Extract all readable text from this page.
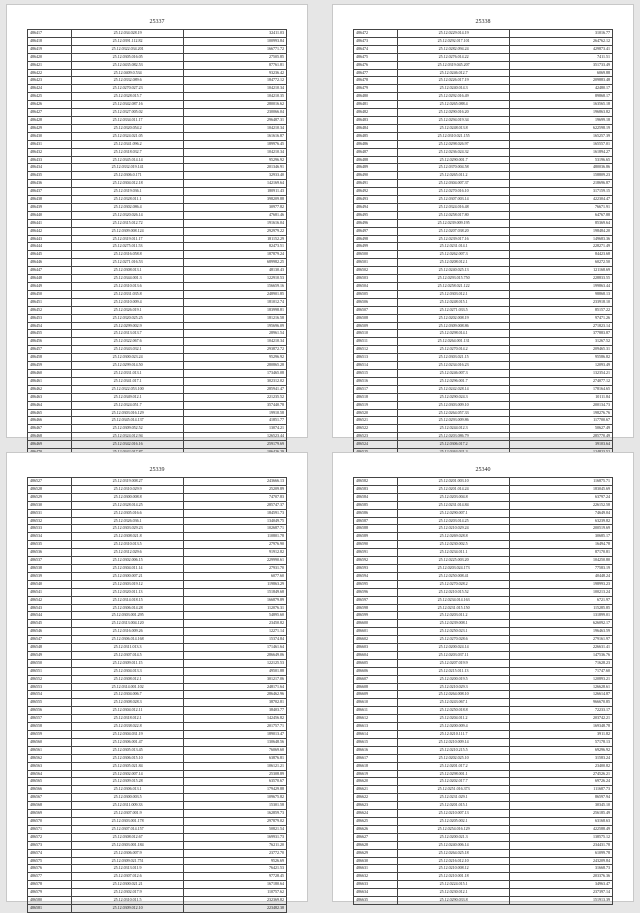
25337
486417	25.12.034.028.19	32411.03
486418	25.12.0391.112.82	100993.84
486419	25.12.0322.034.201	166771.72
486420	25.12.0305.016.05	27505.85
486421	25.12.0435.082.53	87761.81
486422	25.12.0409.0.534	93236.42
486423	25.12.0332.089.6	184772.12
486424	25.12.0270.027.23	104210.34
486425	25.12.0328.015.7	104210.35
486426	25.12.0342.087.16	280016.62
486427	25.12.0327.005.02	230066.04
486428	25.12.0334.011.17	296487.31
486429	25.12.0320.054.2	104210.34
486430	25.12.0324.021.05	161616.87
486431	25.12.0341.096.2	189976.45
486432	25.12.0318.032.7	104210.34
486433	25.12.0345.014.14	95296.92
486434	25.12.0332.019.141	201346.91
486435	25.12.0306.0.171	32933.40
486436	25.12.0304.012.18	142169.64
486437	25.12.0319.036.1	180911.43
486438	25.12.0328.011.1	398209.88
486439	25.12.0302.086.4	30977.82
486440	25.12.0320.026.14	47681.46
486441	25.12.0315.012.72	191616.04
486442	25.12.0309.008.124	292979.22
486443	25.12.0319.011.17	181152.29
486444	25.12.0275.011.53	82473.51
486445	25.12.0316.058.8	187879.24
486446	25.12.0271.016.53	689982.25
486447	25.12.0308.013.1	48130.43
486448	25.12.0344.001.3	122910.53
486449	25.12.0310.013.6	156659.16
486450	25.12.0331.035.8	248901.85
486451	25.12.0310.009.4	181012.74
486452	25.12.0326.019.1	183998.81
486453	25.12.0320.025.25	181216.58
486454	25.12.0299.002.9	195696.09
486455	25.12.0313.013.7	28961.54
486456	25.12.0322.067.6	104210.34
486457	25.12.0343.032.1	293872.72
486458	25.12.0300.023.24	95296.92
486459	25.12.0299.014.50	280865.28
486460	25.12.0331.013.1	173465.08
486461	25.12.0341.017.1	302312.02
486462	25.12.0322.053.100	285941.47
486463	25.12.0349.012.1	221235.52
486464	25.12.0324.051.7	357440.78
486465	25.12.0303.016.129	19910.58
486466	25.12.0345.014.137	41851.77
486467	25.12.0309.052.52	13074.21
486468	25.12.0324.012.94	126523.44
486469	25.12.0342.016.16	259179.69

25338
486472	25.12.0229.014.19	31016.77
486473	25.12.0292.017.101	264762.12
486474	25.12.0282.094.24	429873.41
486475	25.12.0276.014.22	7411.51
486476	25.12.0319.045.207	351733.49
486477	25.12.0246.012.7	6069.88
486478	25.12.0226.017.19	209883.48
486479	25.12.0240.014.3	42480.17
486480	25.12.0292.016.49	89868.17
486481	25.12.0265.088.4	163565.18
486482	25.12.0290.016.20	196863.82
486483	25.12.0294.019.34	19699.18
486484	25.12.0248.013.8	622598.19
486485	25.12.0310.021.155	165257.39
486486	25.12.0298.026.97	165557.01
486487	25.12.0236.024.32	161894.27
486488	25.12.0290.001.7	53196.65
486489	25.12.0370.004.58	480036.86
486490	25.12.0265.011.2	158809.23
486491	25.12.0304.007.37	218696.87
486492	25.12.0270.016.10	317159.15
486493	25.12.0307.003.14	422304.47
486494	25.12.0324.016.48	76671.91
486495	25.12.0258.017.80	64767.88
486496	25.12.0239.009.195	85369.64
486497	25.12.0207.038.20	198484.20
486498	25.12.0239.017.16	149683.36
486499	25.12.0231.014.1	228271.49
486500	25.12.0262.007.3	84423.68
486501	25.12.0208.012.1	60272.50
486502	25.12.0240.025.13	121168.69
486503	25.12.0293.015.750	228833.55
486504	25.12.0258.021.122	199863.44
486505	25.12.0303.012.1	98868.13
486506	25.12.0248.015.1	233918.10
486507	25.12.0271.033.5	85157.22
486508	25.12.0202.008.19	97471.26
486509	25.12.0309.008.86	271823.14
486510	25.12.0298.014.1	377883.87
486511	25.12.0264.001.131	31267.52
486512	25.12.0270.014.2	209465.31
486513	25.12.0303.021.15	95586.82
486514	25.12.0234.016.23	12093.49
486515	25.12.0246.007.3	132354.21
486516	25.12.0296.001.7	274077.12
486517	25.12.0242.028.14	178164.65
486518	25.12.0290.024.3	10111.84
486519	25.12.0303.009.10	200134.73
486520	25.12.0264.057.33	198276.76
486521	25.12.0293.009.86	117700.67
486522	25.12.0244.012.3	50627.49
486523	25.12.0203.086.79	285770.49
486524	25.12.0306.017.2	39103.64

25339
486527	25.12.0319.008.27	243666.13
486528	25.12.0310.029.9	25209.89
486529	25.12.0300.008.8	74707.83
486530	25.12.0328.014.25	285747.37
486531	25.12.0305.016.6	184591.73
486532	25.12.0326.036.1	134049.75
486533	25.12.0303.029.23	102687.71
486534	25.12.0308.021.8	110801.78
486535	25.12.0310.013.5	27976.90
486536	25.12.0312.029.6	91912.82
486537	25.12.0302.006.15	229990.61
486538	25.12.0304.011.14	27931.70
486539	25.12.0300.007.21	6077.60
486540	25.12.0303.019.12	119863.29
486541	25.12.0320.011.13	151849.68
486542	25.12.0314.018.15	166879.89
486543	25.12.0306.014.28	112076.31
486544	25.12.0303.001.295	54895.60
486545	25.12.0313.004.120	23450.82
486546	25.12.0316.009.26	12271.14
486547	25.12.0306.014.168	15374.84
486548	25.12.0311.013.3	171461.64
486549	25.12.0307.014.5	286649.06
486550	25.12.0309.011.15	122125.53
486551	25.12.0304.013.3	49501.88
486552	25.12.0308.012.1	301217.06
486553	25.12.0314.001.102	248171.64
486554	25.12.0304.006.7	286462.96
486555	25.12.0308.028.3	38702.81
486556	25.12.0304.012.11	38403.77
486557	25.12.0318.012.1	142456.82
486558	25.12.0338.022.8	201757.71
486559	25.12.0304.031.19	189013.47
486560	25.12.0306.001.47	130648.56
486561	25.12.0305.013.45	76069.60
486562	25.12.0306.015.10	63876.81
486563	25.12.0305.021.84	106121.21
486564	25.12.0302.007.14	25308.89
486565	25.12.0309.015.28	63570.67
486566	25.12.0306.013.1	179429.88
486567	25.12.0300.003.5	109675.82
486568	25.12.0311.009.33	15301.58
486569	25.12.0307.001.9	162859.73
486570	25.12.0303.001.178	297879.02
486571	25.12.0307.014.157	50821.54
486572	25.12.0308.012.67	169931.73
486573	25.12.0303.001.184	76211.20
486574	25.12.0306.007.9	23772.70
486575	25.12.0309.021.751	9526.69
486576	25.12.0313.011.9	76421.53
486577	25.12.0307.012.6	97728.45
486578	25.12.0300.021.21	167180.64
486579	25.12.0302.017.9	110757.62
486580	25.12.0310.011.5	232369.82
486581	25.12.0309.012.10	223482.38
25340
486582	25.12.0201.003.10	116875.71
486583	25.12.0201.014.24	183045.69
486584	25.12.0203.004.8	63797.24
486585	25.12.0231.014.84	226152.58
486586	25.12.0290.007.1	74649.04
486587	25.12.0203.014.25	63239.82
486588	25.12.0210.029.24	200519.69
486589	25.12.0269.028.8	30685.17
486590	25.12.0230.002.5	16494.78
486591	25.12.0234.011.1	87170.81
486592	25.12.0225.003.20	104250.80
486593	25.12.0203.024.173	77583.19
486594	25.12.0250.008.41	40448.24
486595	25.12.0270.028.2	198993.23
486596	25.12.0210.015.52	100213.24
486597	25.12.0234.014.163	6721.97
486598	25.12.0231.015.150	115285.85
486599	25.12.0203.011.2	131899.01
486600	25.12.0239.008.1	626092.17
486601	25.12.0250.023.1	196463.59
486602	25.12.0270.028.6	279161.97
486603	25.12.0200.024.14	226631.41
486604	25.12.0203.037.11	147536.76
486605	25.12.0207.019.9	71628.23
486606	25.12.0215.011.13	71747.60
486607	25.12.0200.019.5	120893.21
486608	25.12.0210.029.3	126628.61
486609	25.12.0264.008.10	126614.87
486610	25.12.0243.067.1	966670.85
486611	25.12.0250.018.8	72233.17
486612	25.12.0204.011.2	203742.21
486613	25.12.0200.009.4	169348.78
486614	25.12.0210.111.7	3911.82
486615	25.12.0210.009.14	57178.13
486616	25.12.0210.215.5	69296.92
486617	25.12.0202.025.10	31583.24
486618	25.12.0201.017.2	23400.82
486619	25.12.0298.001.1	274526.21
486620	25.12.0202.017.7	69726.24
486621	25.12.0251.016.373	111687.73
486622	25.12.0231.029.1	86597.94
486623	25.12.0201.015.1	30345.10
486624	25.12.0210.007.13	256185.49
486625	25.12.0205.002.1	63168.63
486626	25.12.0254.016.129	422588.49
486627	25.12.0200.021.3	138575.12
486628	25.12.0240.006.14	234431.78
486629	25.12.0264.025.18	61099.78
486630	25.12.0216.012.10	243209.84
486631	25.12.0210.008.12	31668.73
486632	25.12.0210.001.18	203376.36
486633	25.12.0224.015.1	34963.47
486634	25.12.0230.012.1	237397.14
486635	25.12.0290.033.8	151913.39
